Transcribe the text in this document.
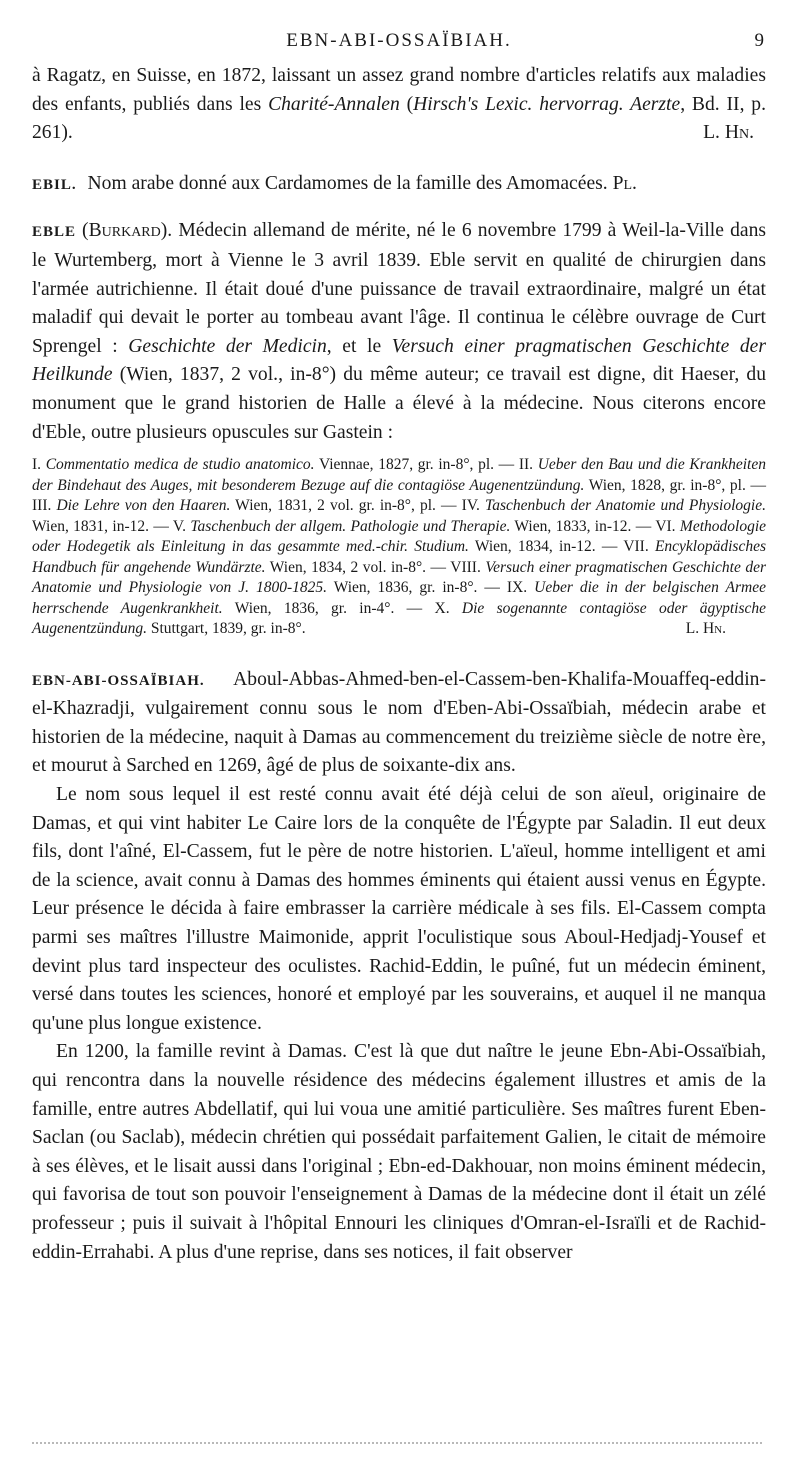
EBN-ABI-OSSAÏBIAH.	9

à Ragatz, en Suisse, en 1872, laissant un assez grand nombre d'articles relatifs aux maladies des enfants, publiés dans les Charité-Annalen (Hirsch's Lexic. hervorrag. Aerzte, Bd. II, p. 261).	L. Hn.

EBIL. Nom arabe donné aux Cardamomes de la famille des Amomacées. Pl.

EBLE (Burkard). Médecin allemand de mérite, né le 6 novembre 1799 à Weil-la-Ville dans le Wurtemberg, mort à Vienne le 3 avril 1839. Eble servit en qualité de chirurgien dans l'armée autrichienne. Il était doué d'une puissance de travail extraordinaire, malgré un état maladif qui devait le porter au tombeau avant l'âge. Il continua le célèbre ouvrage de Curt Sprengel : Geschichte der Medicin, et le Versuch einer pragmatischen Geschichte der Heilkunde (Wien, 1837, 2 vol., in-8°) du même auteur; ce travail est digne, dit Haeser, du monument que le grand historien de Halle a élevé à la médecine. Nous citerons encore d'Eble, outre plusieurs opuscules sur Gastein :

I. Commentatio medica de studio anatomico. Viennae, 1827, gr. in-8°, pl. — II. Ueber den Bau und die Krankheiten der Bindehaut des Auges, mit besonderem Bezuge auf die contagiöse Augenentzündung. Wien, 1828, gr. in-8°, pl. — III. Die Lehre von den Haaren. Wien, 1831, 2 vol. gr. in-8°, pl. — IV. Taschenbuch der Anatomie und Physiologie. Wien, 1831, in-12. — V. Taschenbuch der allgem. Pathologie und Therapie. Wien, 1833, in-12. — VI. Methodologie oder Hodegetik als Einleitung in das gesammte med.-chir. Studium. Wien, 1834, in-12. — VII. Encyklopädisches Handbuch für angehende Wundärzte. Wien, 1834, 2 vol. in-8°. — VIII. Versuch einer pragmatischen Geschichte der Anatomie und Physiologie von J. 1800-1825. Wien, 1836, gr. in-8°. — IX. Ueber die in der belgischen Armee herrschende Augenkrankheit. Wien, 1836, gr. in-4°. — X. Die sogenannte contagiöse oder ägyptische Augenentzündung. Stuttgart, 1839, gr. in-8°.	L. Hn.

EBN-ABI-OSSAÏBIAH. Aboul-Abbas-Ahmed-ben-el-Cassem-ben-Khalifa-Mouaffeq-eddin-el-Khazradji, vulgairement connu sous le nom d'Eben-Abi-Ossaïbiah, médecin arabe et historien de la médecine, naquit à Damas au commencement du treizième siècle de notre ère, et mourut à Sarched en 1269, âgé de plus de soixante-dix ans.

Le nom sous lequel il est resté connu avait été déjà celui de son aïeul, originaire de Damas, et qui vint habiter Le Caire lors de la conquête de l'Égypte par Saladin. Il eut deux fils, dont l'aîné, El-Cassem, fut le père de notre historien. L'aïeul, homme intelligent et ami de la science, avait connu à Damas des hommes éminents qui étaient aussi venus en Égypte. Leur présence le décida à faire embrasser la carrière médicale à ses fils. El-Cassem compta parmi ses maîtres l'illustre Maimonide, apprit l'oculistique sous Aboul-Hedjadj-Yousef et devint plus tard inspecteur des oculistes. Rachid-Eddin, le puîné, fut un médecin éminent, versé dans toutes les sciences, honoré et employé par les souverains, et auquel il ne manqua qu'une plus longue existence.

En 1200, la famille revint à Damas. C'est là que dut naître le jeune Ebn-Abi-Ossaïbiah, qui rencontra dans la nouvelle résidence des médecins également illustres et amis de la famille, entre autres Abdellatif, qui lui voua une amitié particulière. Ses maîtres furent Eben-Saclan (ou Saclab), médecin chrétien qui possédait parfaitement Galien, le citait de mémoire à ses élèves, et le lisait aussi dans l'original ; Ebn-ed-Dakhouar, non moins éminent médecin, qui favorisa de tout son pouvoir l'enseignement à Damas de la médecine dont il était un zélé professeur ; puis il suivait à l'hôpital Ennouri les cliniques d'Omran-el-Israïli et de Rachid-eddin-Errahabi. A plus d'une reprise, dans ses notices, il fait observer
